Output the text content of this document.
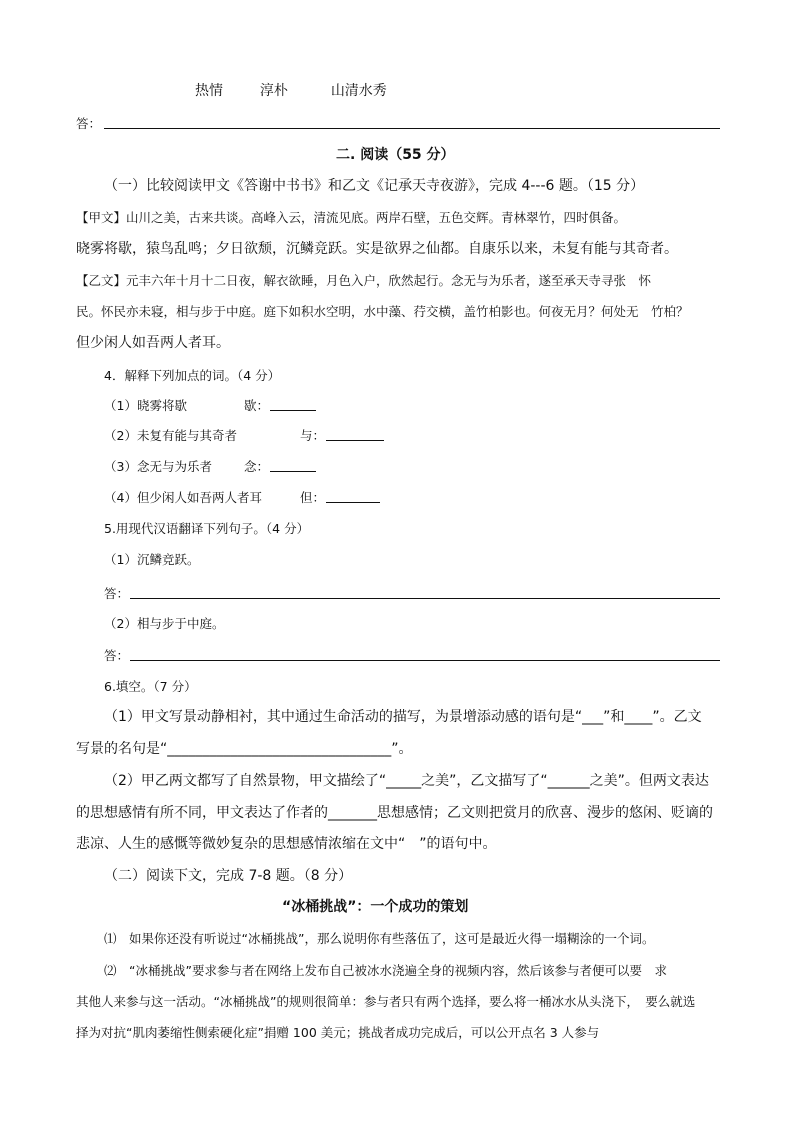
热情	淳朴	山清水秀
答：
二. 阅读（55 分）
（一）比较阅读甲文《答谢中书书》和乙文《记承天寺夜游》，完成 4---6 题。（15 分）
【甲文】山川之美，古来共谈。高峰入云，清流见底。两岸石壁，五色交辉。青林翠竹，四时俱备。
晓雾将歇，猿鸟乱鸣；夕日欲颓，沉鳞竞跃。实是欲界之仙都。自康乐以来，未复有能与其奇者。
【乙文】元丰六年十月十二日夜，解衣欲睡，月色入户，欣然起行。念无与为乐者，遂至承天寺寻张　怀
民。怀民亦未寝，相与步于中庭。庭下如积水空明，水中藻、荇交横，盖竹柏影也。何夜无月？何处无　竹柏？
但少闲人如吾两人者耳。
4．解释下列加点的词。（4 分）
（1）晓雾将歇	歇：
（2）未复有能与其奇者	与：
（3）念无与为乐者	念：
（4）但少闲人如吾两人者耳	但：
5.用现代汉语翻译下列句子。（4 分）
（1）沉鳞竞跃。
答：
（2）相与步于中庭。
答：
6.填空。（7 分）
（1）甲文写景动静相衬，其中通过生命活动的描写，为景增添动感的语句是“___”和____”。乙文
写景的名句是“________________________________”。
（2）甲乙两文都写了自然景物，甲文描绘了“_____之美”，乙文描写了“______之美”。但两文表达
的思想感情有所不同，甲文表达了作者的_______思想感情；乙文则把赏月的欣喜、漫步的悠闲、贬谪的
悲凉、人生的感慨等微妙复杂的思想感情浓缩在文中“　”的语句中。
（二）阅读下文，完成 7-8 题。（8 分）
“冰桶挑战”：一个成功的策划
⑴　如果你还没有听说过“冰桶挑战”，那么说明你有些落伍了，这可是最近火得一塌糊涂的一个词。
⑵　“冰桶挑战”要求参与者在网络上发布自己被冰水浇遍全身的视频内容，然后该参与者便可以要　求
其他人来参与这一活动。“冰桶挑战”的规则很简单：参与者只有两个选择，要么将一桶冰水从头浇下，　要么就选
择为对抗“肌肉萎缩性侧索硬化症”捐赠 100 美元；挑战者成功完成后，可以公开点名 3 人参与
